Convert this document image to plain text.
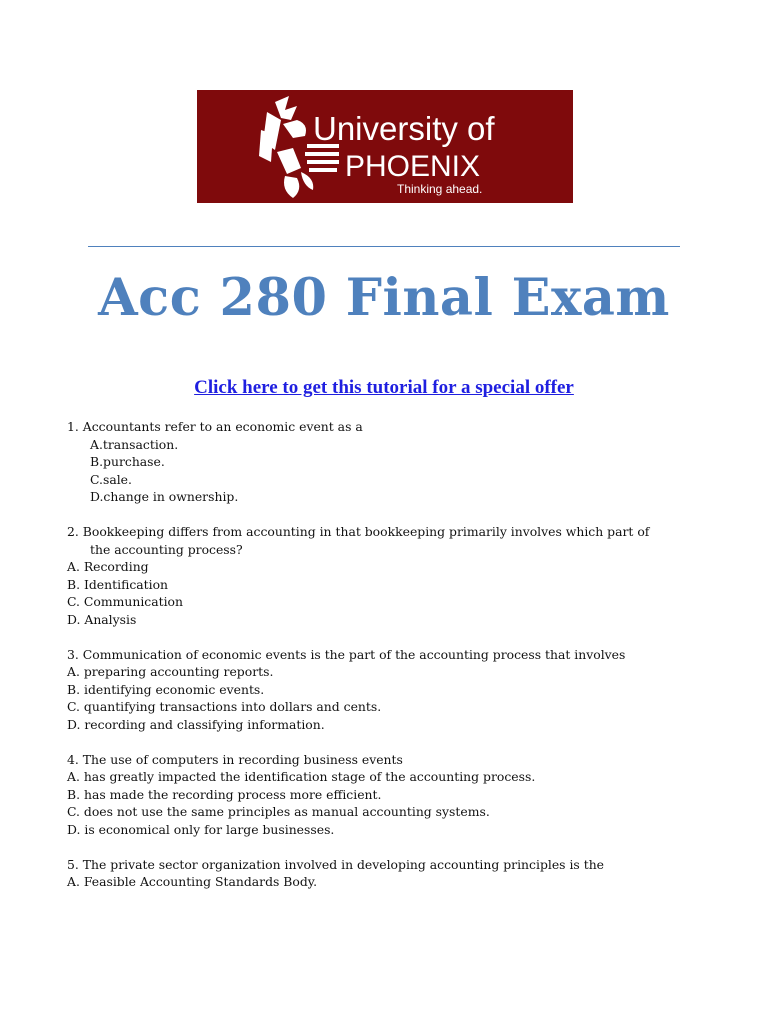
University of
PHOENIX
Thinking ahead.
Acc 280 Final Exam
Click here to get this tutorial for a special offer
1. Accountants refer to an economic event as a
A.transaction.
B.purchase.
C.sale.
D.change in ownership.
2. Bookkeeping differs from accounting in that bookkeeping primarily involves which part of
the accounting process?
A. Recording
B. Identification
C. Communication
D. Analysis
3. Communication of economic events is the part of the accounting process that involves
A. preparing accounting reports.
B. identifying economic events.
C. quantifying transactions into dollars and cents.
D. recording and classifying information.
4. The use of computers in recording business events
A. has greatly impacted the identification stage of the accounting process.
B. has made the recording process more efficient.
C. does not use the same principles as manual accounting systems.
D. is economical only for large businesses.
5. The private sector organization involved in developing accounting principles is the
A. Feasible Accounting Standards Body.
